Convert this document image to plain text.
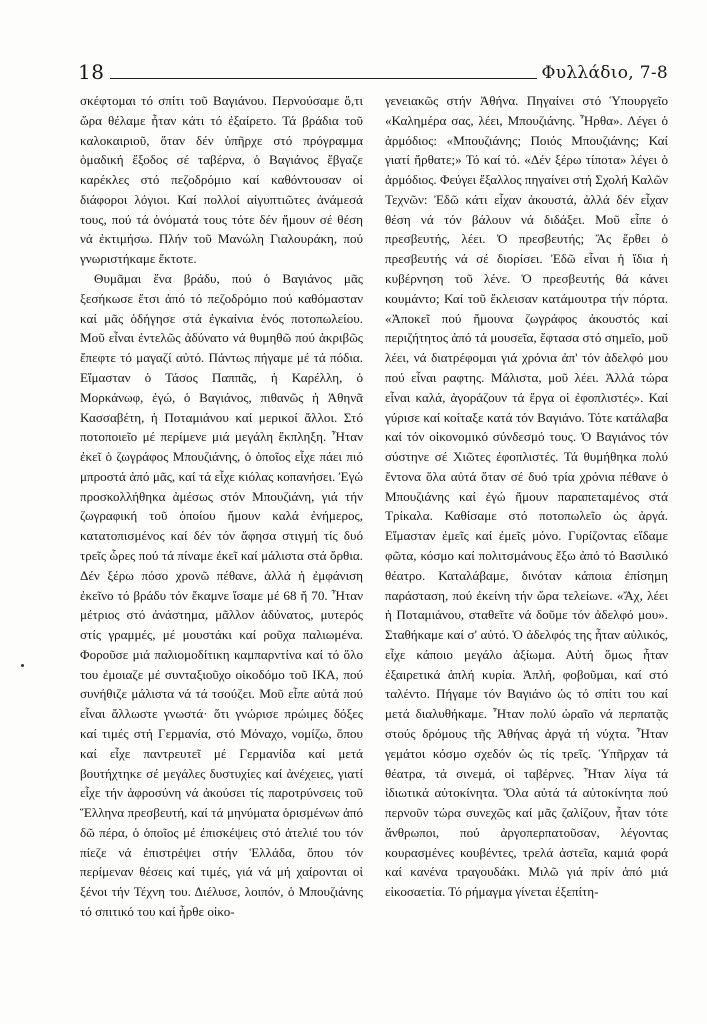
18	Φυλλάδιο, 7-8

σκέφτομαι τό σπίτι τοῦ Βαγιάνου. Περνούσαμε ὅ,τι ὥρα θέλαμε ἦταν κάτι τό ἐξαίρετο. Τά βράδια τοῦ καλοκαιριοῦ, ὅταν δέν ὑπῆρχε στό πρόγραμμα ὁμαδική ἔξοδος σέ ταβέρνα, ὁ Βαγιάνος ἔβγαζε καρέκλες στό πεζοδρόμιο καί καθόντουσαν οἱ διάφοροι λόγιοι. Καί πολλοί αἰγυπτιῶτες ἀνάμεσά τους, πού τά ὀνόματά τους τότε δέν ἤμουν σέ θέση νά ἐκτιμήσω. Πλήν τοῦ Μανώλη Γιαλουράκη, πού γνωριστήκαμε ἔκτοτε.

Θυμᾶμαι ἕνα βράδυ, πού ὁ Βαγιάνος μᾶς ξεσήκωσε ἔτσι ἀπό τό πεζοδρόμιο πού καθόμασταν καί μᾶς ὁδήγησε στά ἐγκαίνια ἑνός ποτοπωλείου. Μοῦ εἶναι ἐντελῶς ἀδύνατο νά θυμηθῶ πού ἀκριβῶς ἔπεφτε τό μαγαζί αὐτό. Πάντως πήγαμε μέ τά πόδια. Εἴμασταν ὁ Τάσος Παππᾶς, ἡ Καρέλλη, ὁ Μορκάνωφ, ἐγώ, ὁ Βαγιάνος, πιθανῶς ἡ Ἀθηνᾶ Κασσαβέτη, ἡ Ποταμιάνου καί μερικοί ἄλλοι. Στό ποτοποιεῖο μέ περίμενε μιά μεγάλη ἔκπληξη. Ἦταν ἐκεῖ ὁ ζωγράφος Μπουζιάνης, ὁ ὁποῖος εἶχε πάει πιό μπροστά ἀπό μᾶς, καί τά εἶχε κιόλας κοπανήσει. Ἐγώ προσκολλήθηκα ἀμέσως στόν Μπουζιάνη, γιά τήν ζωγραφική τοῦ ὁποίου ἤμουν καλά ἐνήμερος, κατατοπισμένος καί δέν τόν ἄφησα στιγμή τίς δυό τρεῖς ὧρες πού τά πίναμε ἐκεῖ καί μάλιστα στά ὄρθια. Δέν ξέρω πόσο χρονῶ πέθανε, ἀλλά ἡ ἐμφάνιση ἐκεῖνο τό βράδυ τόν ἔκαμνε ἴσαμε μέ 68 ἤ 70. Ἦταν μέτριος στό ἀνάστημα, μᾶλλον ἀδύνατος, μυτερός στίς γραμμές, μέ μουστάκι καί ροῦχα παλιωμένα. Φοροῦσε μιά παλιομοδίτικη καμπαρντίνα καί τό ὅλο του ἐμοιαζε μέ συνταξιοῦχο οἰκοδόμο τοῦ ΙΚΑ, πού συνήθιζε μάλιστα νά τά τσούζει. Μοῦ εἶπε αὐτά πού εἶναι ἄλλωστε γνωστά· ὅτι γνώρισε πρώιμες δόξες καί τιμές στή Γερμανία, στό Μόναχο, νομίζω, ὅπου καί εἶχε παντρευτεῖ μέ Γερμανίδα καί μετά βουτήχτηκε σέ μεγάλες δυστυχίες καί ἀνέχειες, γιατί εἶχε τήν ἀφροσύνη νά ἀκούσει τίς παροτρύνσεις τοῦ Ἕλληνα πρεσβευτή, καί τά μηνύματα ὁρισμένων ἀπό δῶ πέρα, ὁ ὁποῖος μέ ἐπισκέψεις στό ἀτελιέ του τόν πίεζε νά ἐπιστρέψει στήν Ἑλλάδα, ὅπου τόν περίμεναν θέσεις καί τιμές, γιά νά μή χαίρονται οἱ ξένοι τήν Τέχνη του. Διέλυσε, λοιπόν, ὁ Μπουζιάνης τό σπιτικό του καί ἦρθε οἰκο-

γενειακῶς στήν Ἀθήνα. Πηγαίνει στό Ὑπουργεῖο «Καλημέρα σας, λέει, Μπουζιάνης. Ἦρθα». Λέγει ὁ ἁρμόδιος: «Μπουζιάνης; Ποιός Μπουζιάνης; Καί γιατί ἤρθατε;» Τό καί τό. «Δέν ξέρω τίποτα» λέγει ὁ ἁρμόδιος. Φεύγει ἔξαλλος πηγαίνει στή Σχολή Καλῶν Τεχνῶν: Ἐδῶ κάτι εἶχαν ἀκουστά, ἀλλά δέν εἶχαν θέση νά τόν βάλουν νά διδάξει. Μοῦ εἶπε ὁ πρεσβευτής, λέει. Ὁ πρεσβευτής; Ἄς ἔρθει ὁ πρεσβευτής νά σέ διορίσει. Ἐδῶ εἶναι ἡ ἴδια ἡ κυβέρνηση τοῦ λένε. Ὁ πρεσβευτής θά κάνει κουμάντο; Καί τοῦ ἔκλεισαν κατάμουτρα τήν πόρτα. «Ἀποκεῖ πού ἤμουνα ζωγράφος ἀκουστός καί περιζήτητος ἀπό τά μουσεῖα, ἔφτασα στό σημεῖο, μοῦ λέει, νά διατρέφομαι γιά χρόνια ἀπ' τόν ἀδελφό μου πού εἶναι ραφτης. Μάλιστα, μοῦ λέει. Ἀλλά τώρα εἶναι καλά, ἀγοράζουν τά ἔργα οἱ ἐφοπλιστές». Καί γύρισε καί κοίταξε κατά τόν Βαγιάνο. Τότε κατάλαβα καί τόν οἰκονομικό σύνδεσμό τους. Ὁ Βαγιάνος τόν σύστηνε σέ Χιῶτες ἐφοπλιστές. Τά θυμήθηκα πολύ ἔντονα ὅλα αὐτά ὅταν σέ δυό τρία χρόνια πέθανε ὁ Μπουζιάνης καί ἐγώ ἤμουν παραπεταμένος στά Τρίκαλα. Καθίσαμε στό ποτοπωλεῖο ὡς ἀργά. Εἴμασταν ἐμεῖς καί ἐμεῖς μόνο. Γυρίζοντας εἴδαμε φῶτα, κόσμο καί πολιτσμάνους ἔξω ἀπό τό Βασιλικό θέατρο. Καταλάβαμε, δινόταν κάποια ἐπίσημη παράσταση, πού ἐκείνη τήν ὥρα τελείωνε. «Ἄχ, λέει ἡ Ποταμιάνου, σταθεῖτε νά δοῦμε τόν ἀδελφό μου». Σταθήκαμε καί σ' αὐτό. Ὁ ἀδελφός της ἦταν αὐλικός, εἶχε κάποιο μεγάλο ἀξίωμα. Αὐτή ὅμως ἦταν ἐξαιρετικά ἁπλή κυρία. Ἁπλή, φοβοῦμαι, καί στό ταλέντο. Πήγαμε τόν Βαγιάνο ὡς τό σπίτι του καί μετά διαλυθήκαμε. Ἦταν πολύ ὡραῖο νά περπατᾷς στούς δρόμους τῆς Ἀθήνας ἀργά τή νύχτα. Ἦταν γεμάτοι κόσμο σχεδόν ὡς τίς τρεῖς. Ὑπῆρχαν τά θέατρα, τά σινεμά, οἱ ταβέρνες. Ἦταν λίγα τά ἰδιωτικά αὐτοκίνητα. Ὅλα αὐτά τά αὐτοκίνητα πού περνοῦν τώρα συνεχῶς καί μᾶς ζαλίζουν, ἦταν τότε ἄνθρωποι, πού ἀργοπερπατοῦσαν, λέγοντας κουρασμένες κουβέντες, τρελά ἀστεῖα, καμιά φορά καί κανένα τραγουδάκι. Μιλῶ γιά πρίν ἀπό μιά εἰκοσαετία. Τό ρήμαγμα γίνεται ἐξεπίτη-
